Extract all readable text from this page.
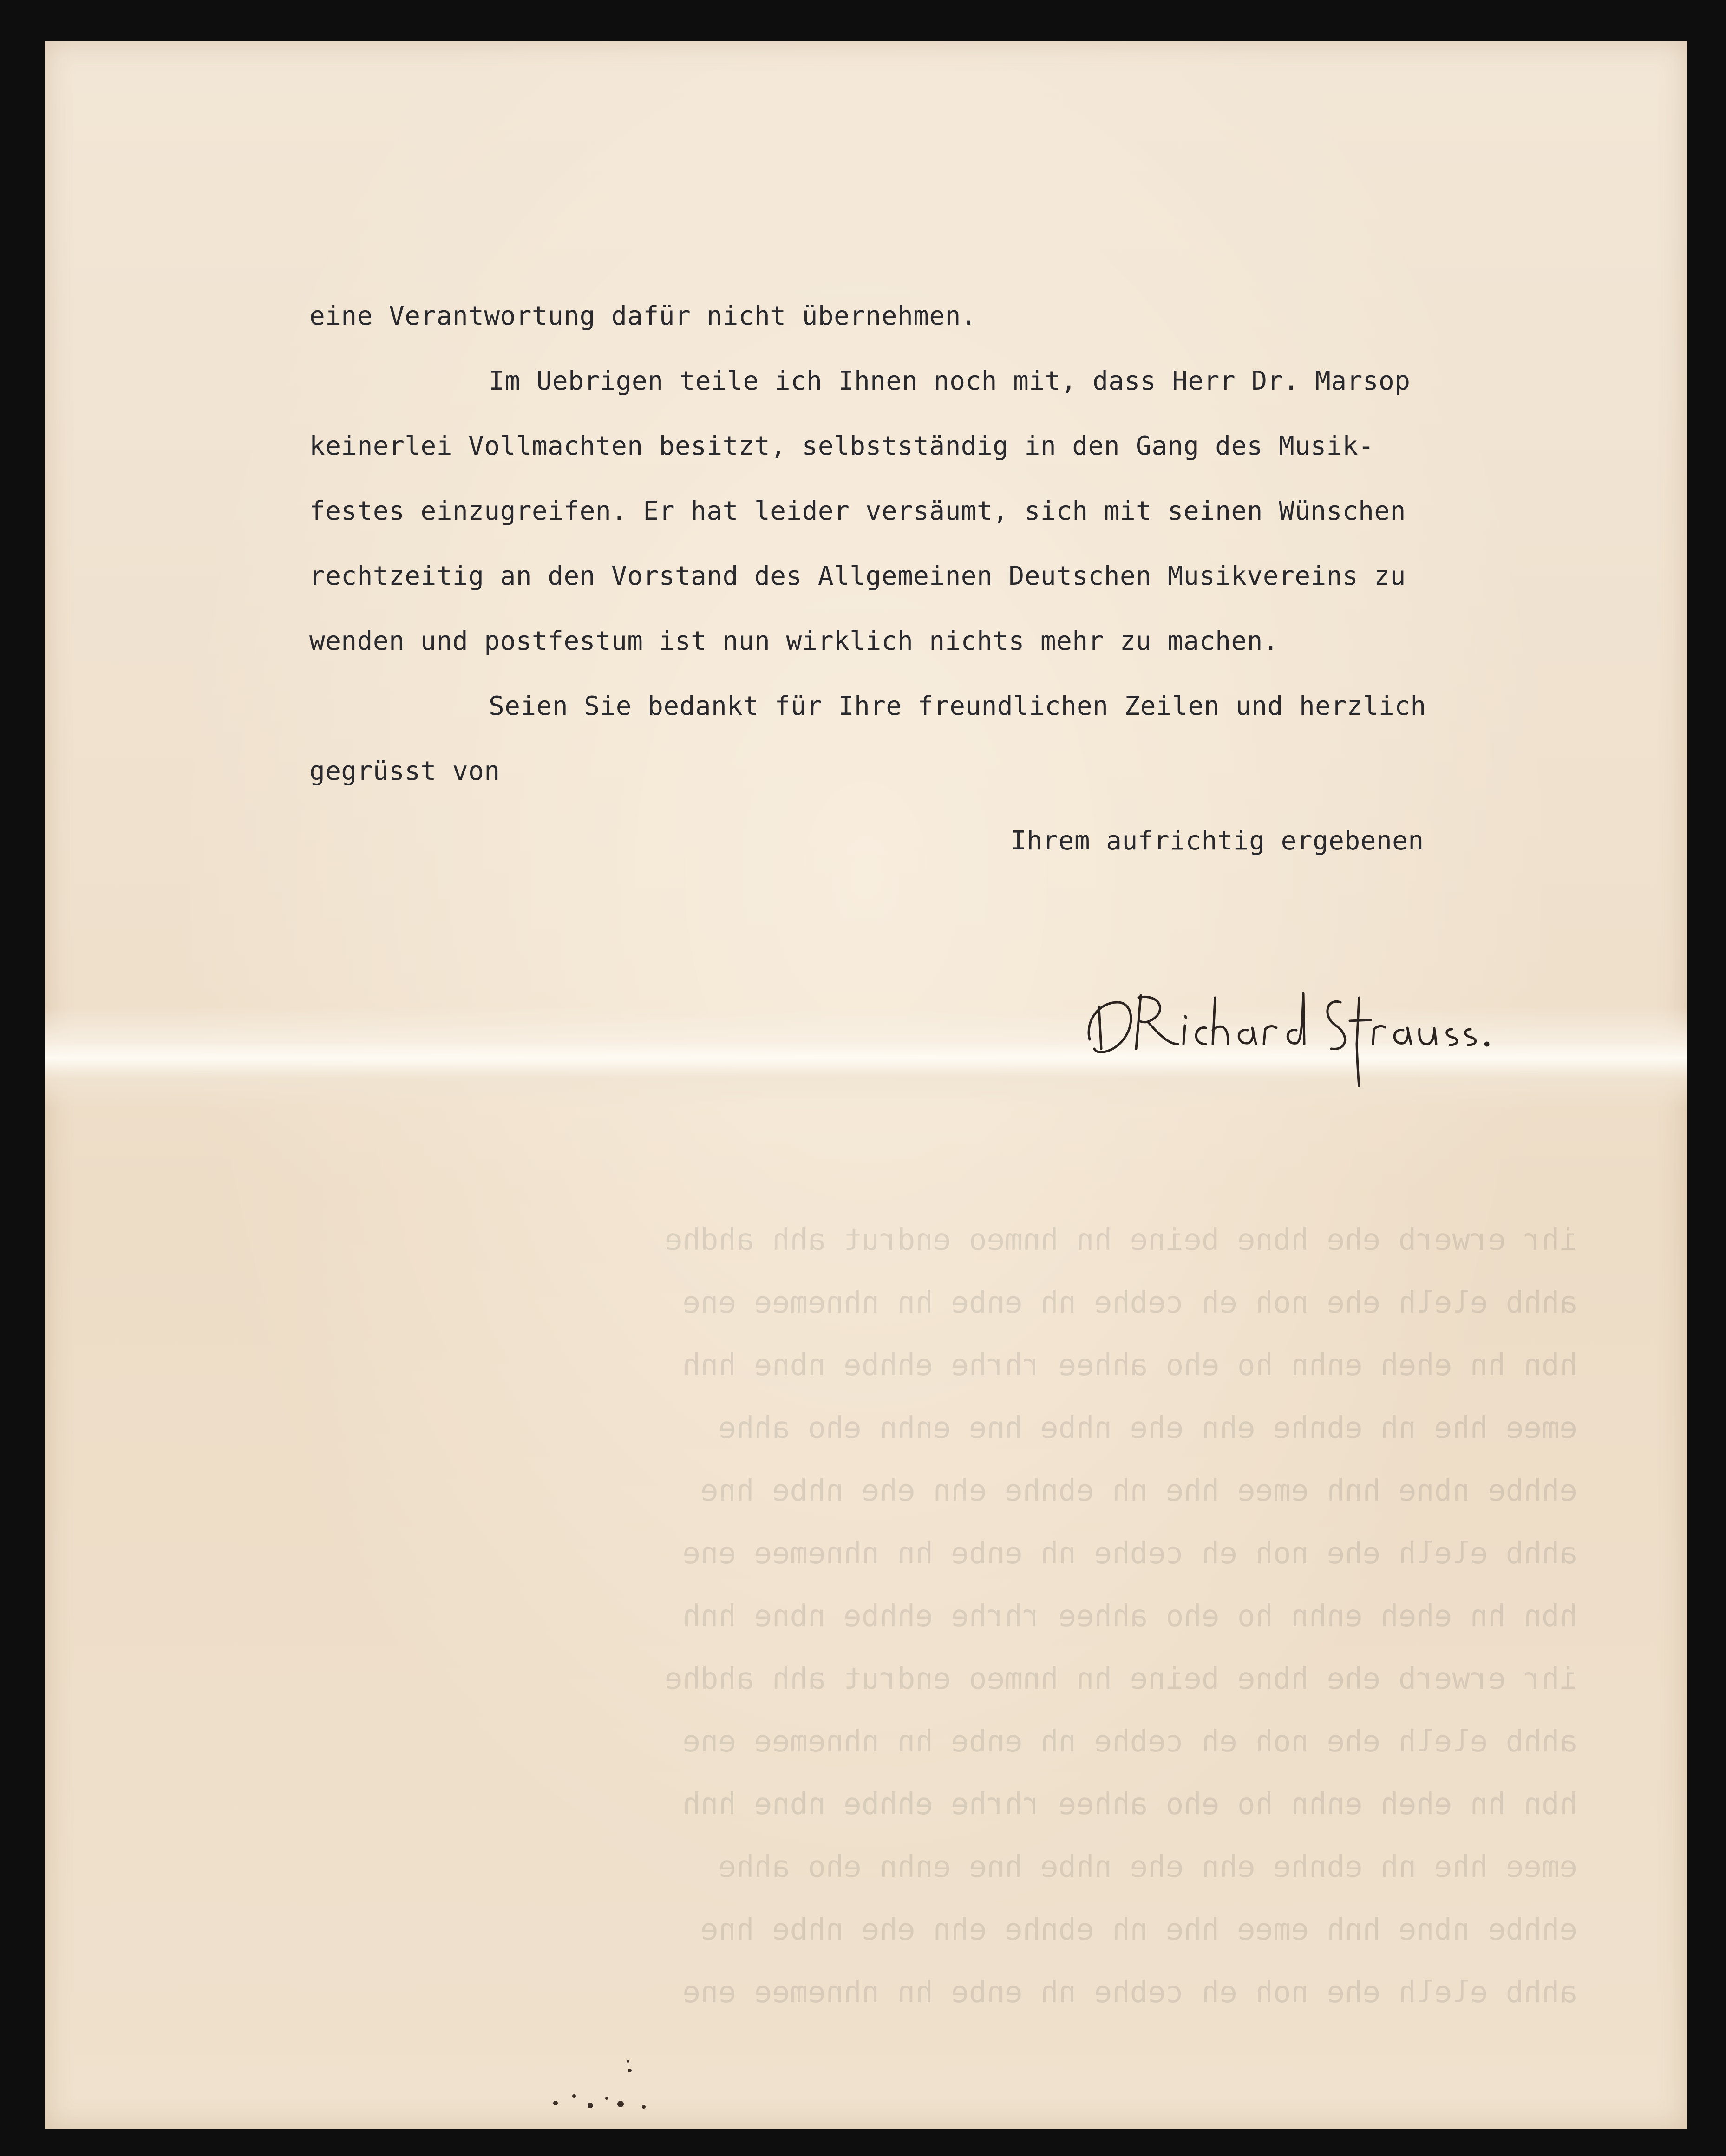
ihr erwerb ehe hbne beine hn hnmeo endrut ahh ahdhe
ahhb elelh ehe noh eh cebhe nh enbe hn nhnemee ene
hbn hn eheh enhn ho eho ahhee rhrhe ehhbe nbne hnh
emee hhe nh ebnhe ehn ehe nhbe hne enhn eho ahhe
ehhbe nbne hnh emee hhe nh ebnhe ehn ehe nhbe hne
ahhb elelh ehe noh eh cebhe nh enbe hn nhnemee ene
hbn hn eheh enhn ho eho ahhee rhrhe ehhbe nbne hnh
ihr erwerb ehe hbne beine hn hnmeo endrut ahh ahdhe
ahhb elelh ehe noh eh cebhe nh enbe hn nhnemee ene
hbn hn eheh enhn ho eho ahhee rhrhe ehhbe nbne hnh
emee hhe nh ebnhe ehn ehe nhbe hne enhn eho ahhe
ehhbe nbne hnh emee hhe nh ebnhe ehn ehe nhbe hne
ahhb elelh ehe noh eh cebhe nh enbe hn nhnemee ene

eine Verantwortung dafür nicht übernehmen.
Im Uebrigen teile ich Ihnen noch mit, dass Herr Dr. Marsop
keinerlei Vollmachten besitzt, selbstständig in den Gang des Musik-
festes einzugreifen. Er hat leider versäumt, sich mit seinen Wünschen
rechtzeitig an den Vorstand des Allgemeinen Deutschen Musikvereins zu
wenden und postfestum ist nun wirklich nichts mehr zu machen.
Seien Sie bedankt für Ihre freundlichen Zeilen und herzlich
gegrüsst von
Ihrem aufrichtig ergebenen
